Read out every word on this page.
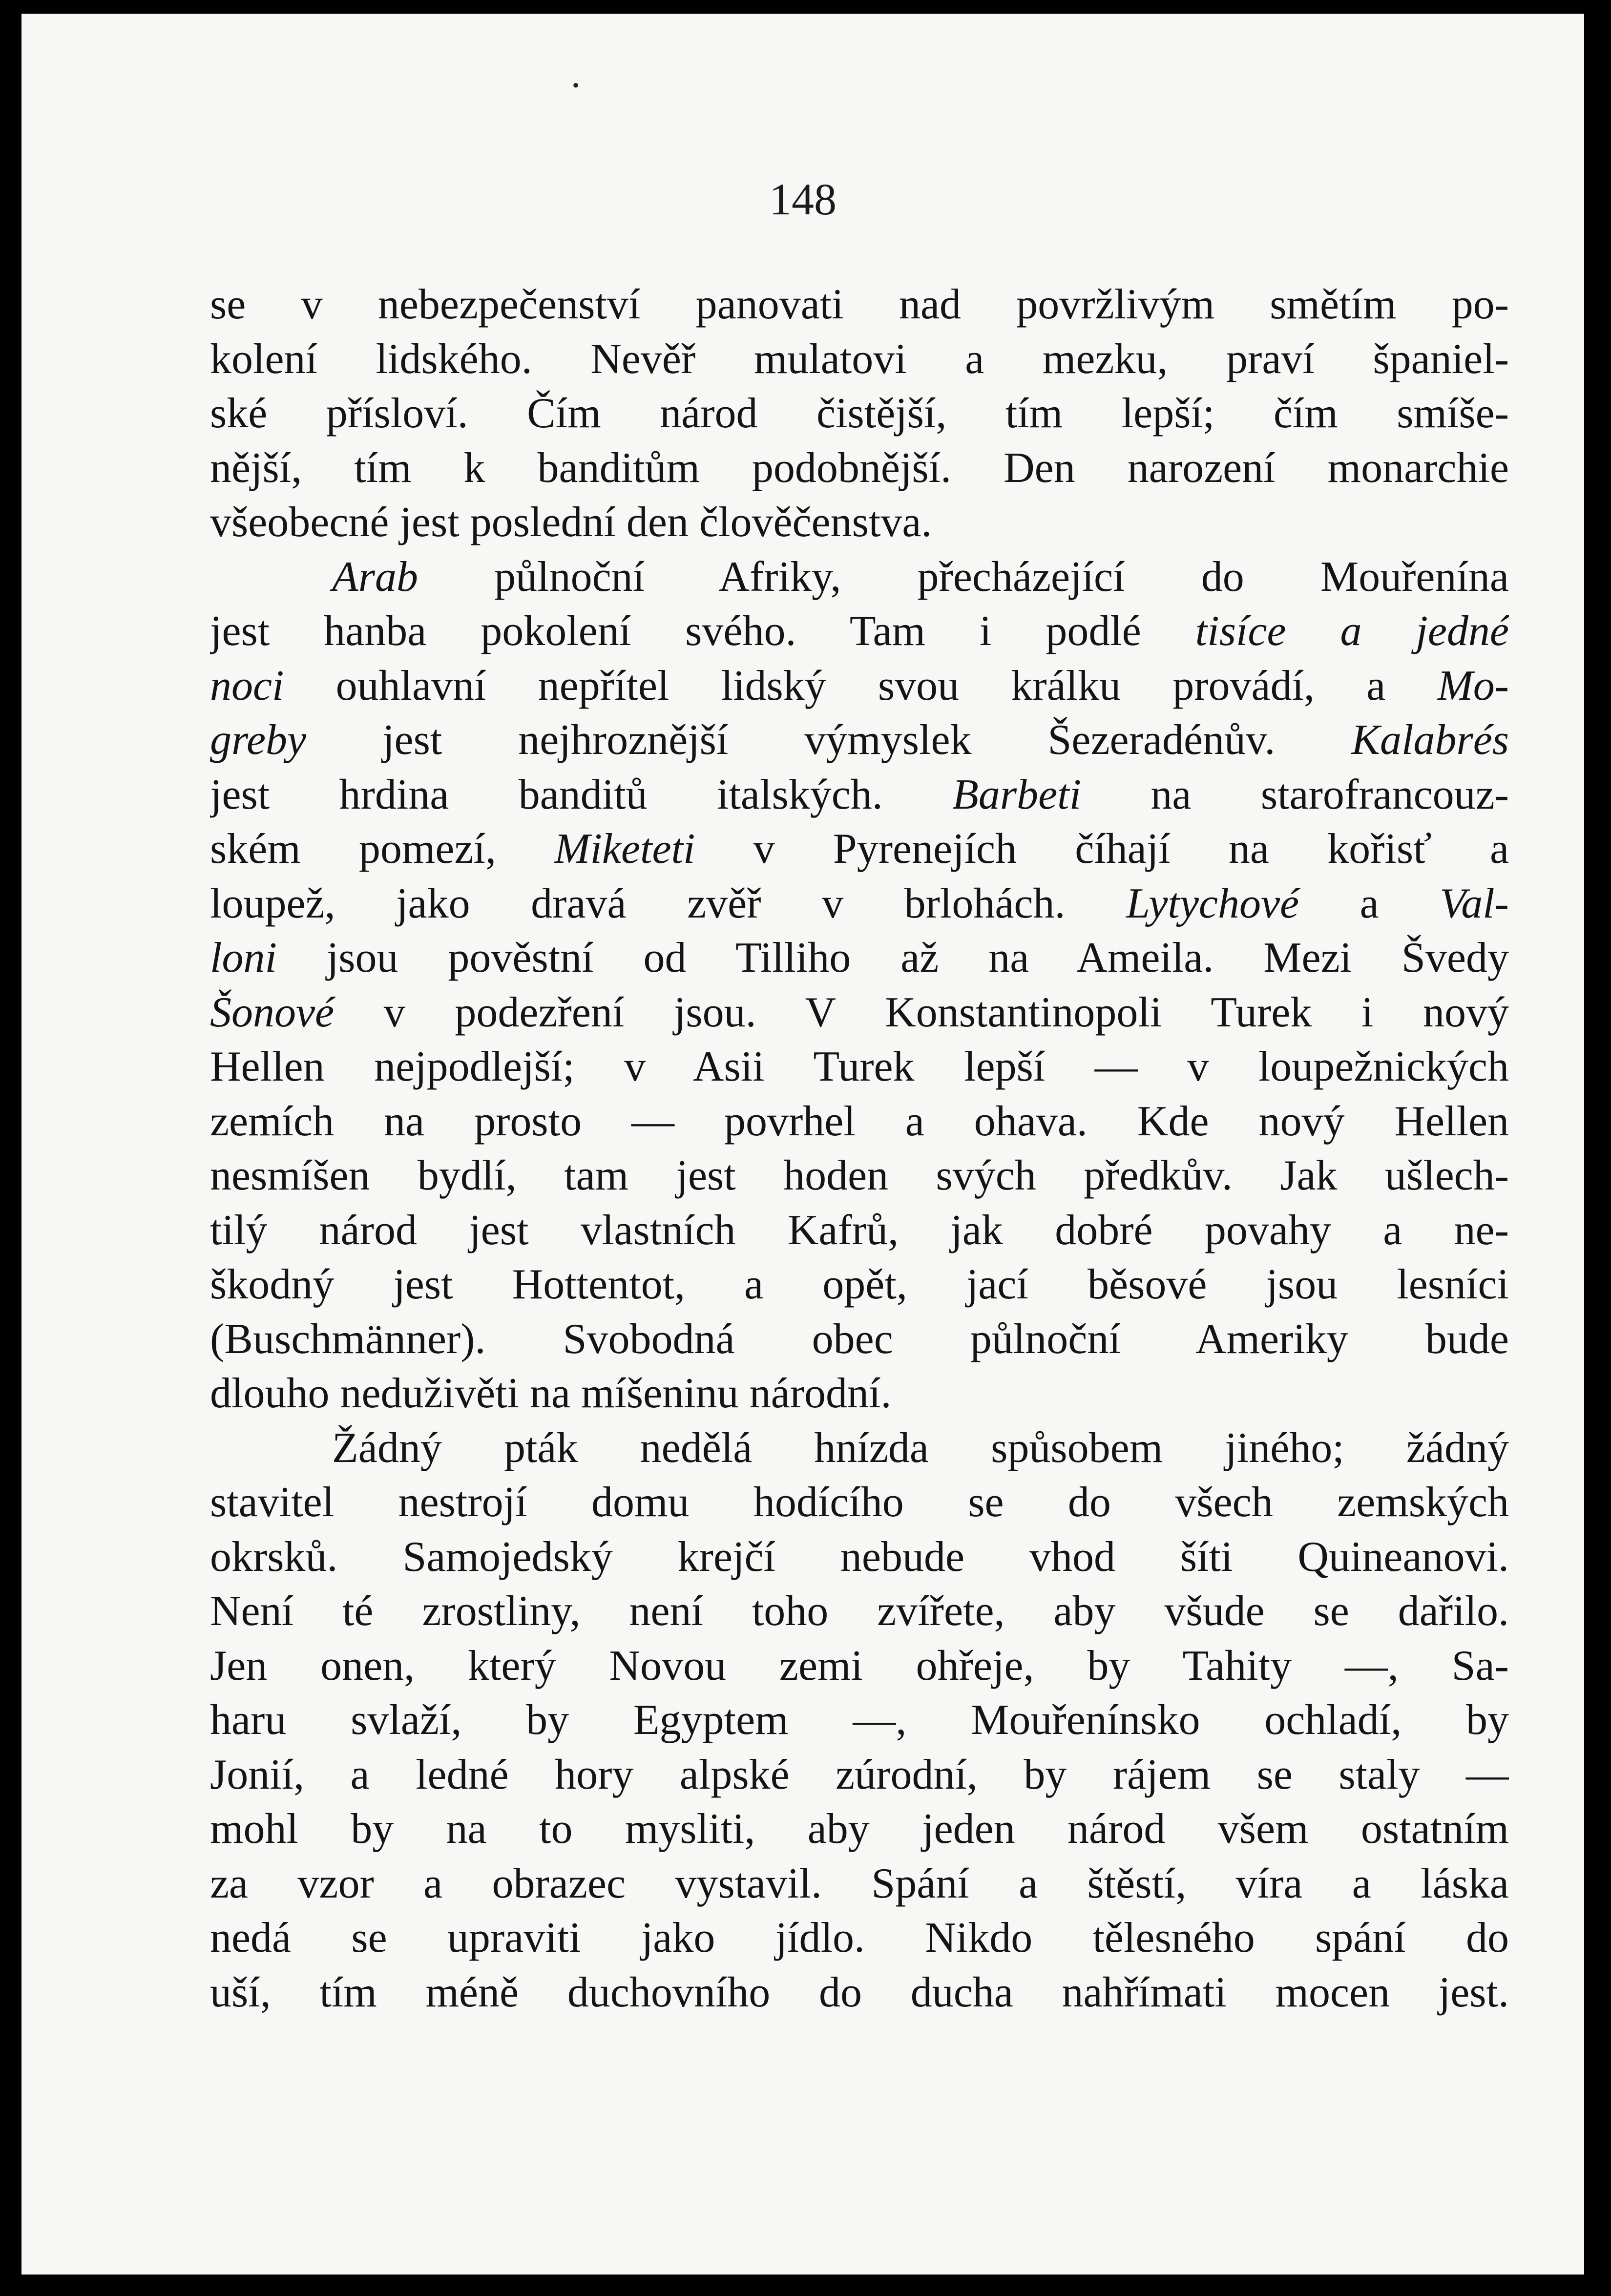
•
148
se v nebezpečenství panovati nad povržlivým smětím po-
kolení lidského. Nevěř mulatovi a mezku, praví španiel-
ské přísloví. Čím národ čistější, tím lepší; čím smíše-
nější, tím k banditům podobnější. Den narození monarchie
všeobecné jest poslední den člověčenstva.
Arab půlnoční Afriky, přecházející do Mouřenína
jest hanba pokolení svého. Tam i podlé tisíce a jedné
noci ouhlavní nepřítel lidský svou králku provádí, a Mo-
greby jest nejhroznější výmyslek Šezeradénův. Kalabrés
jest hrdina banditů italských. Barbeti na starofrancouz-
ském pomezí, Miketeti v Pyrenejích číhají na kořisť a
loupež, jako dravá zvěř v brlohách. Lytychové a Val-
loni jsou pověstní od Tilliho až na Ameila. Mezi Švedy
Šonové v podezření jsou. V Konstantinopoli Turek i nový
Hellen nejpodlejší; v Asii Turek lepší — v loupežnických
zemích na prosto — povrhel a ohava. Kde nový Hellen
nesmíšen bydlí, tam jest hoden svých předkův. Jak ušlech-
tilý národ jest vlastních Kafrů, jak dobré povahy a ne-
škodný jest Hottentot, a opět, jací běsové jsou lesníci
(Buschmänner). Svobodná obec půlnoční Ameriky bude
dlouho neduživěti na míšeninu národní.
Žádný pták nedělá hnízda spůsobem jiného; žádný
stavitel nestrojí domu hodícího se do všech zemských
okrsků. Samojedský krejčí nebude vhod šíti Quineanovi.
Není té zrostliny, není toho zvířete, aby všude se dařilo.
Jen onen, který Novou zemi ohřeje, by Tahity —, Sa-
haru svlaží, by Egyptem —, Mouřenínsko ochladí, by
Jonií, a ledné hory alpské zúrodní, by rájem se staly —
mohl by na to mysliti, aby jeden národ všem ostatním
za vzor a obrazec vystavil. Spání a štěstí, víra a láska
nedá se upraviti jako jídlo. Nikdo tělesného spání do
uší, tím méně duchovního do ducha nahřímati mocen jest.
